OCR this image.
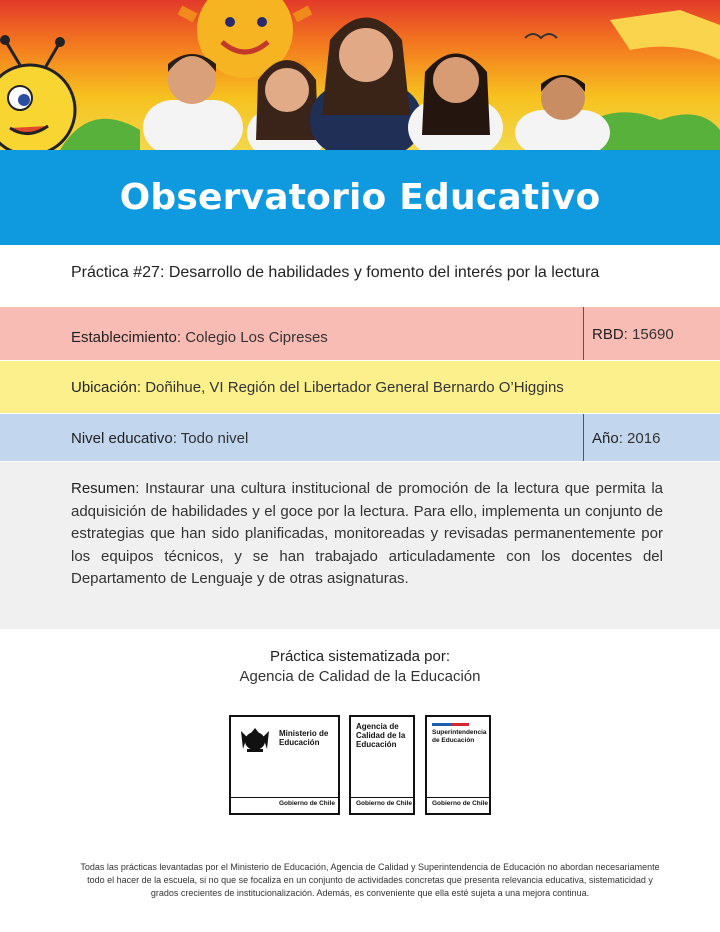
Observatorio Educativo
Práctica #27: Desarrollo de habilidades y fomento del interés por la lectura
Establecimiento: Colegio Los Cipreses	RBD: 15690
Ubicación: Doñihue, VI Región del Libertador General Bernardo O’Higgins
Nivel educativo: Todo nivel	Año: 2016

Resumen: Instaurar una cultura institucional de promoción de la lectura que permita la adquisición de habilidades y el goce por la lectura. Para ello, implementa un conjunto de estrategias que han sido planificadas, monitoreadas y revisadas permanentemente por los equipos técnicos, y se han trabajado articuladamente con los docentes del Departamento de Lenguaje y de otras asignaturas.

Práctica sistematizada por:
Agencia de Calidad de la Educación
Ministerio de Educación
Gobierno de Chile
Agencia de Calidad de la Educación
Gobierno de Chile
Superintendencia de Educación
Gobierno de Chile
Todas las prácticas levantadas por el Ministerio de Educación, Agencia de Calidad y Superintendencia de Educación no abordan necesariamente todo el hacer de la escuela, si no que se focaliza en un conjunto de actividades concretas que presenta relevancia educativa, sistematicidad y grados crecientes de institucionalización. Además, es conveniente que ella esté sujeta a una mejora continua.
